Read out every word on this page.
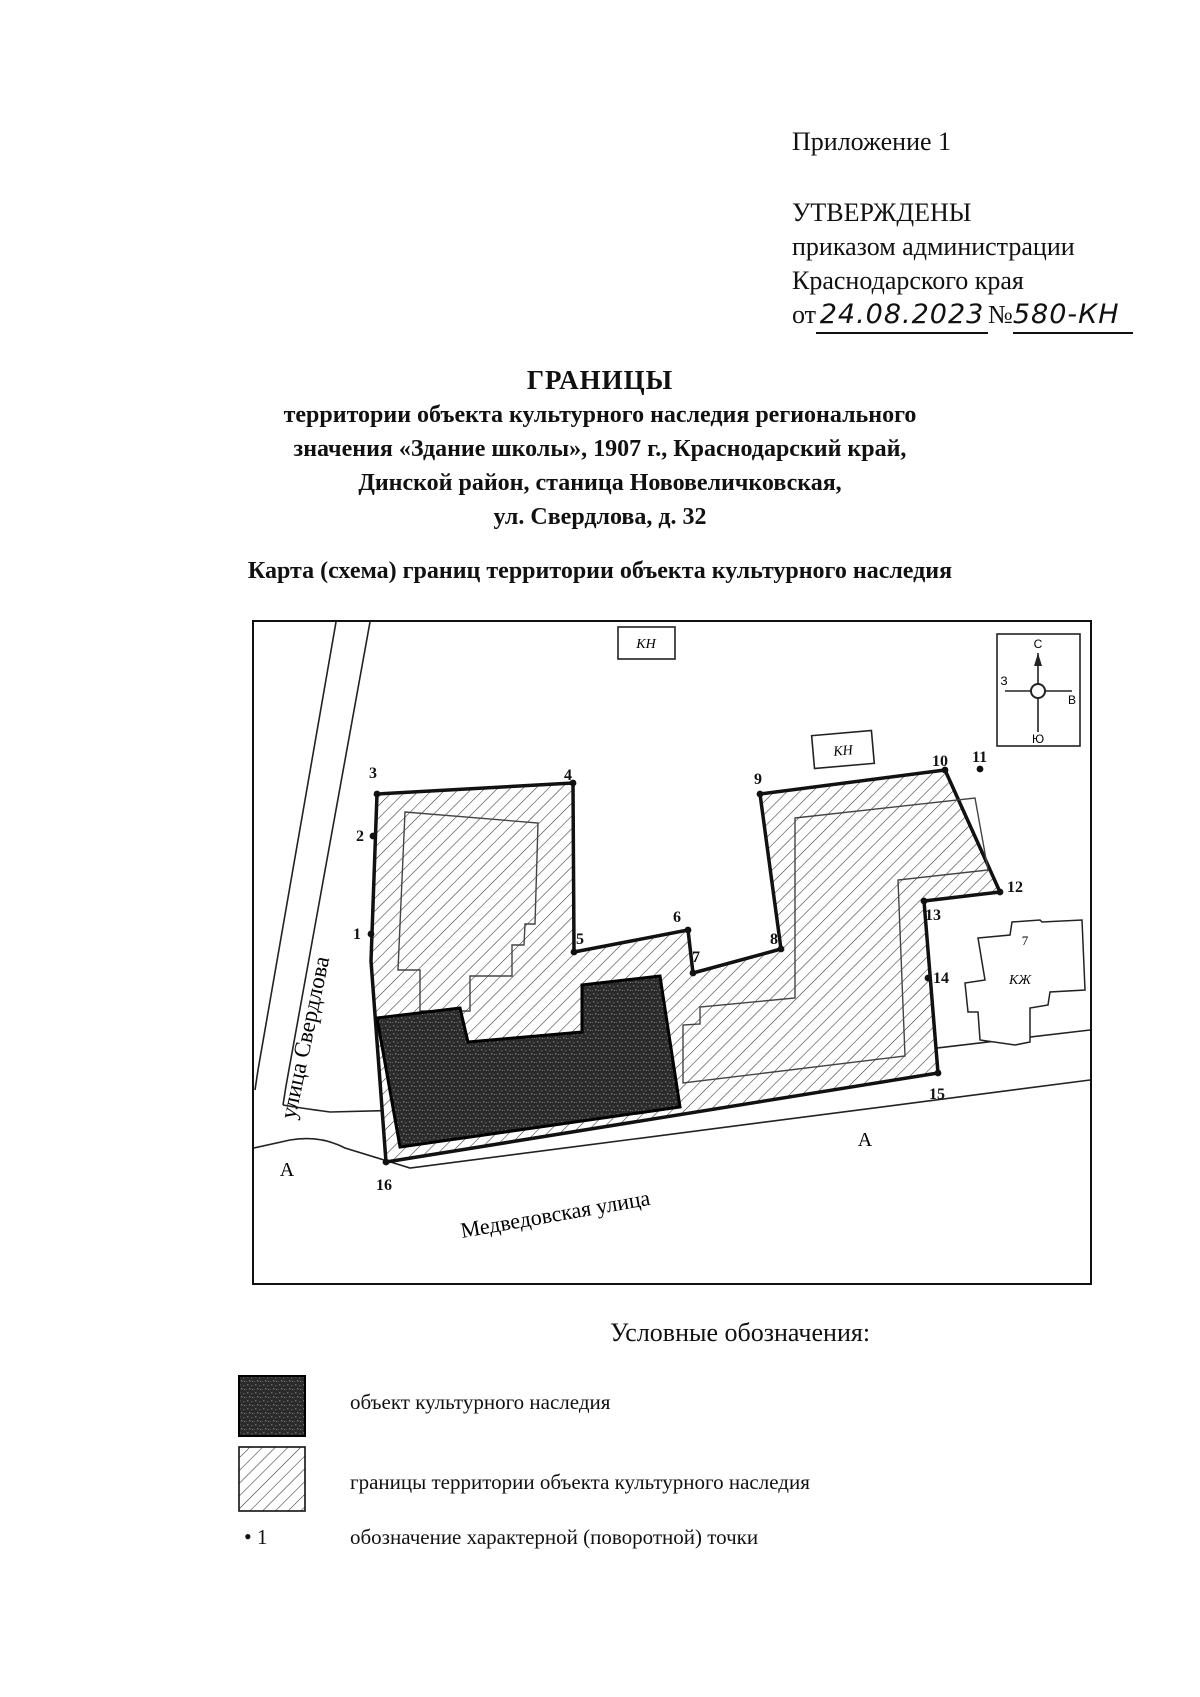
Приложение 1
УТВЕРЖДЕНЫ
приказом администрации
Краснодарского края
от 24.08.2023 №580-КН
ГРАНИЦЫ
территории объекта культурного наследия регионального
значения «Здание школы», 1907 г., Краснодарский край,
Динской район, станица Нововеличковская,
ул. Свердлова, д. 32
Карта (схема) границ территории объекта культурного наследия
С
Ю
З
В
КН
КН
КЖ
7
А
А
улица Свердлова
Медведовская улица
1
2
3	4
5
6
7
8
9
10 11
12
13
14
15
16
Условные обозначения:
объект культурного наследия
границы территории объекта культурного наследия
• 1	обозначение характерной (поворотной) точки
